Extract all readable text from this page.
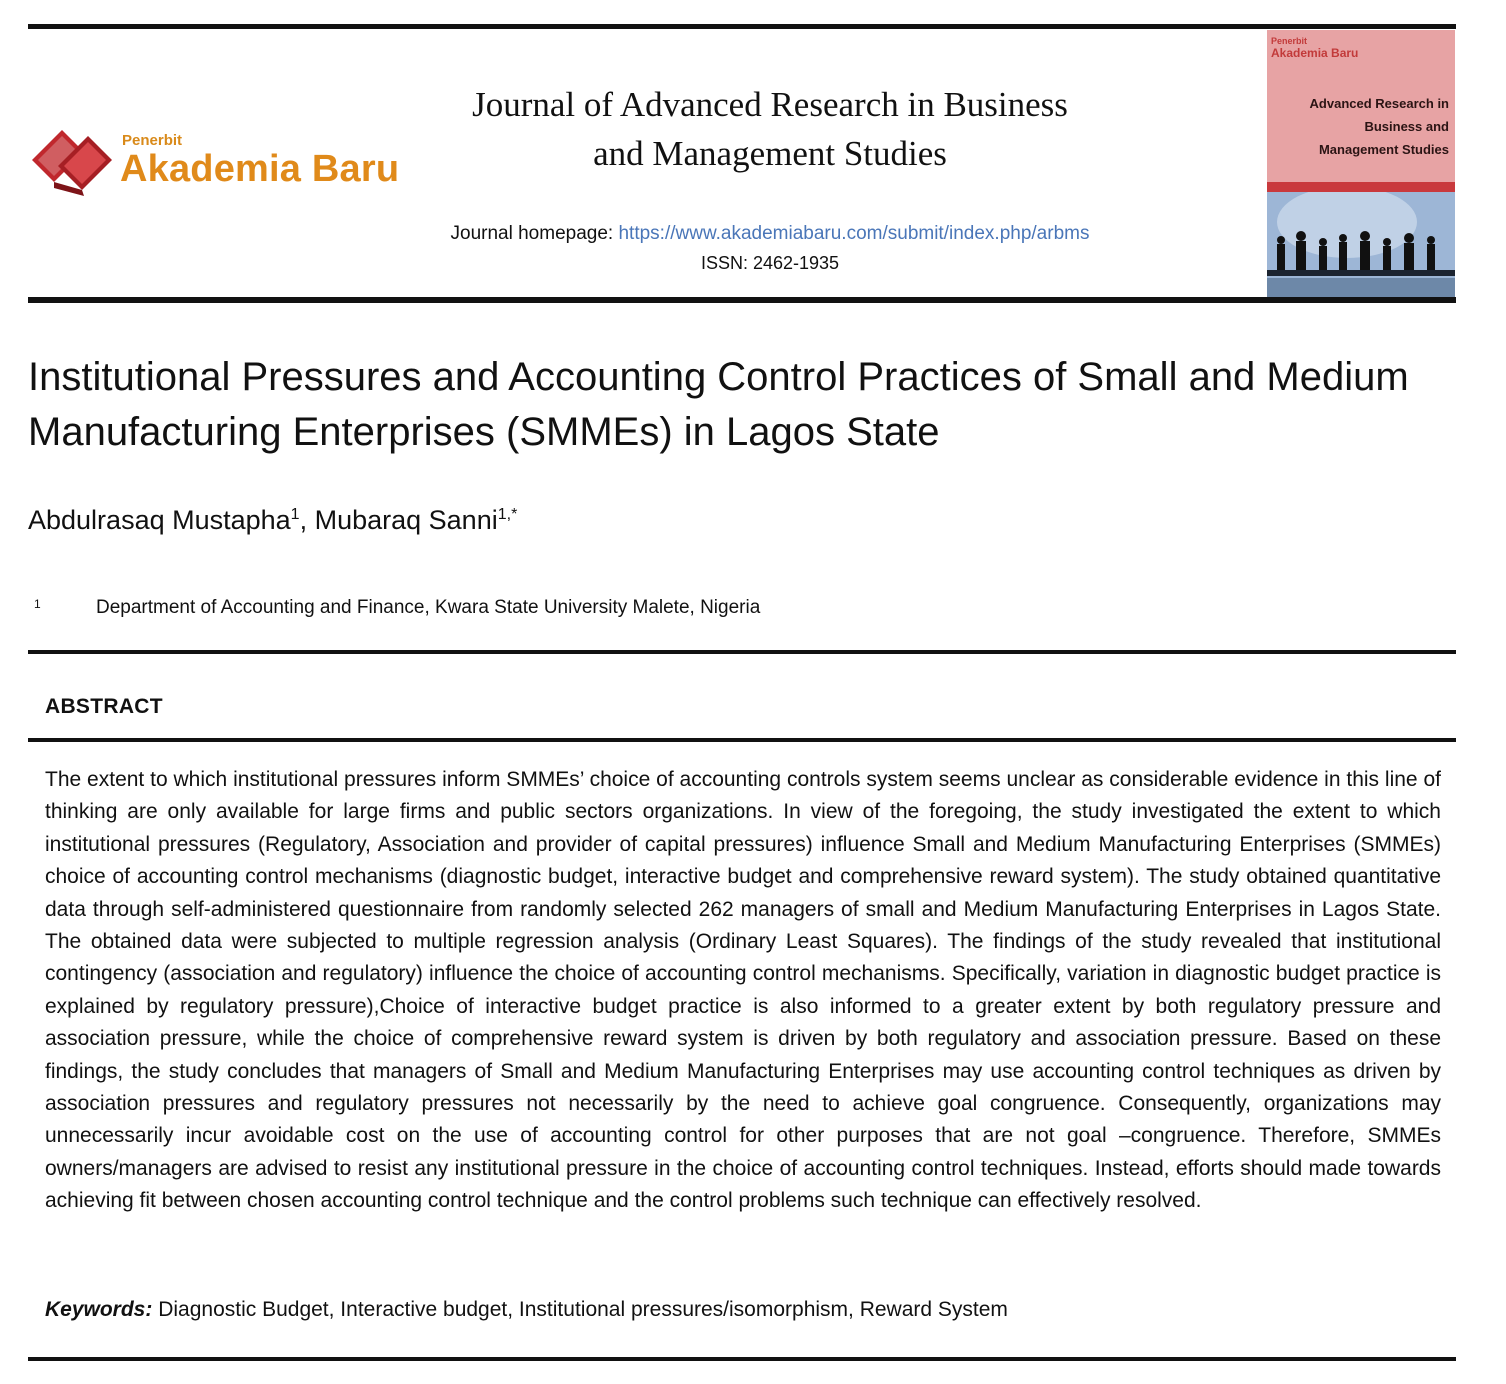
Penerbit
Akademia Baru
Journal of Advanced Research in Business
and Management Studies
Journal homepage: https://www.akademiabaru.com/submit/index.php/arbms
ISSN: 2462-1935
Penerbit
Akademia Baru
Advanced Research in
Business and
Management Studies
Institutional Pressures and Accounting Control Practices of Small and Medium Manufacturing Enterprises (SMMEs) in Lagos State
Abdulrasaq Mustapha$^1$, Mubaraq Sanni$^{1,*}$
1	Department of Accounting and Finance, Kwara State University Malete, Nigeria
ABSTRACT
The extent to which institutional pressures inform SMMEs’ choice of accounting controls system seems unclear as considerable evidence in this line of thinking are only available for large firms and public sectors organizations. In view of the foregoing, the study investigated the extent to which institutional pressures (Regulatory, Association and provider of capital pressures) influence Small and Medium Manufacturing Enterprises (SMMEs) choice of accounting control mechanisms (diagnostic budget, interactive budget and comprehensive reward system). The study obtained quantitative data through self-administered questionnaire from randomly selected 262 managers of small and Medium Manufacturing Enterprises in Lagos State. The obtained data were subjected to multiple regression analysis (Ordinary Least Squares). The findings of the study revealed that institutional contingency (association and regulatory) influence the choice of accounting control mechanisms. Specifically, variation in diagnostic budget practice is explained by regulatory pressure),Choice of interactive budget practice is also informed to a greater extent by both regulatory pressure and association pressure, while the choice of comprehensive reward system is driven by both regulatory and association pressure. Based on these findings, the study concludes that managers of Small and Medium Manufacturing Enterprises may use accounting control techniques as driven by association pressures and regulatory pressures not necessarily by the need to achieve goal congruence. Consequently, organizations may unnecessarily incur avoidable cost on the use of accounting control for other purposes that are not goal –congruence. Therefore, SMMEs owners/managers are advised to resist any institutional pressure in the choice of accounting control techniques. Instead, efforts should made towards achieving fit between chosen accounting control technique and the control problems such technique can effectively resolved.
Keywords: Diagnostic Budget, Interactive budget, Institutional pressures/isomorphism, Reward System
